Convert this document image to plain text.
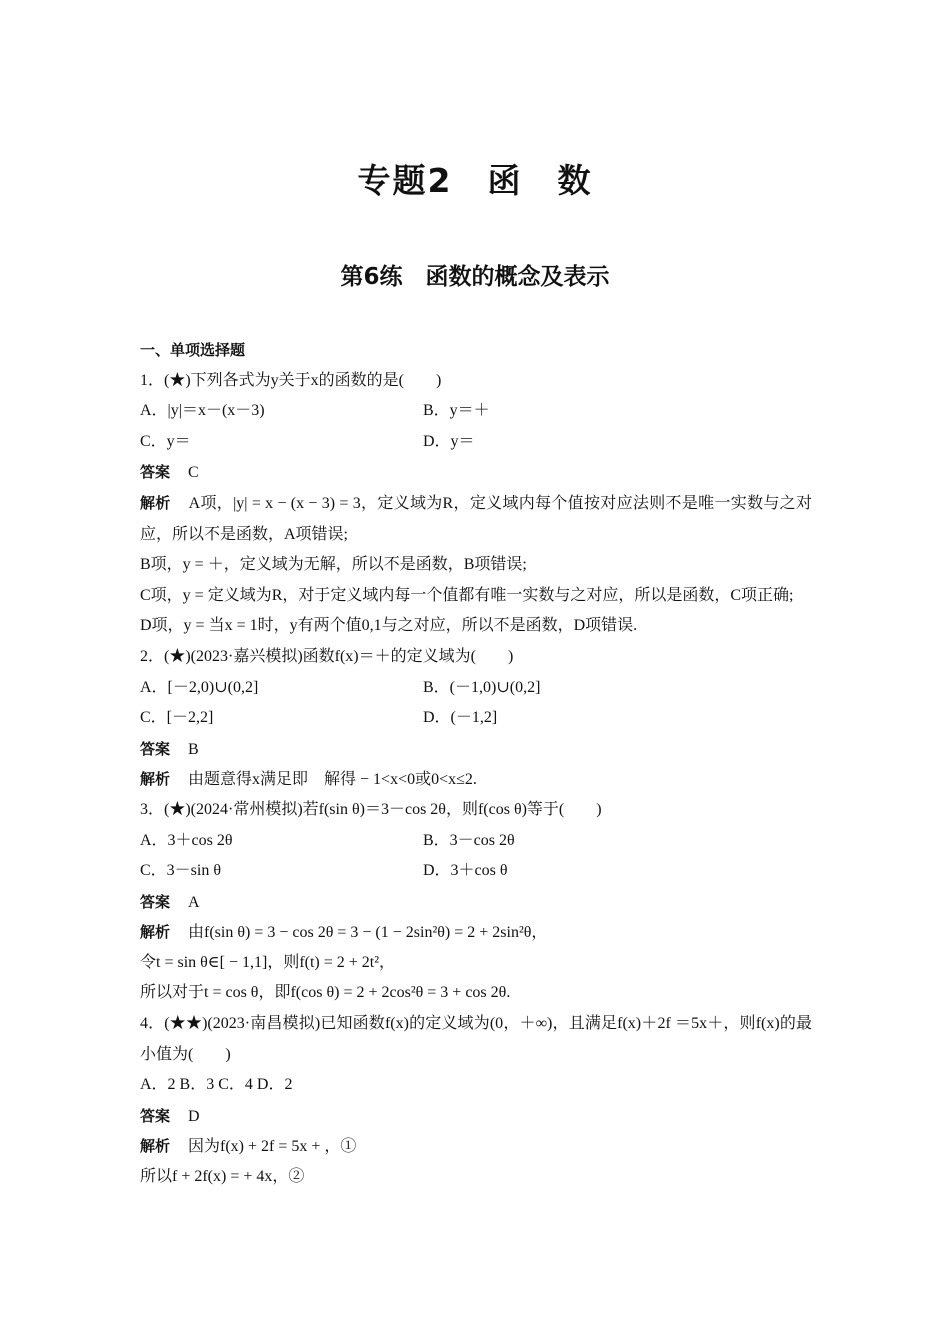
专题2　函　数
第6练　函数的概念及表示
一、单项选择题
1．(★)下列各式为y关于x的函数的是(　　)
A．|y|＝x－(x－3)	B．y＝＋
C．y＝	D．y＝
答案 C
解析 A项，|y| = x − (x − 3) = 3，定义域为R，定义域内每个值按对应法则不是唯一实数与之对应，所以不是函数，A项错误;
B项，y = ＋，定义域为无解，所以不是函数，B项错误;
C项，y = 定义域为R，对于定义域内每一个值都有唯一实数与之对应，所以是函数，C项正确;
D项，y = 当x = 1时，y有两个值0,1与之对应，所以不是函数，D项错误.
2．(★)(2023·嘉兴模拟)函数f(x)＝＋的定义域为(　　)
A．[－2,0)∪(0,2]	B．(－1,0)∪(0,2]
C．[－2,2]	D．(－1,2]
答案 B
解析 由题意得x满足即　解得 − 1<x<0或0<x≤2.
3．(★)(2024·常州模拟)若f(sin θ)＝3－cos 2θ，则f(cos θ)等于(　　)
A．3＋cos 2θ	B．3－cos 2θ
C．3－sin θ	D．3＋cos θ
答案 A
解析 由f(sin θ) = 3 − cos 2θ = 3 − (1 − 2sin²θ) = 2 + 2sin²θ，
令t = sin θ∈[ − 1,1]，则f(t) = 2 + 2t²，
所以对于t = cos θ，即f(cos θ) = 2 + 2cos²θ = 3 + cos 2θ.
4．(★★)(2023·南昌模拟)已知函数f(x)的定义域为(0，＋∞)，且满足f(x)＋2f ＝5x＋，则f(x)的最小值为(　　)
A．2 B．3 C．4 D．2
答案 D
解析 因为f(x) + 2f = 5x + ，①
所以f + 2f(x) = + 4x，②
